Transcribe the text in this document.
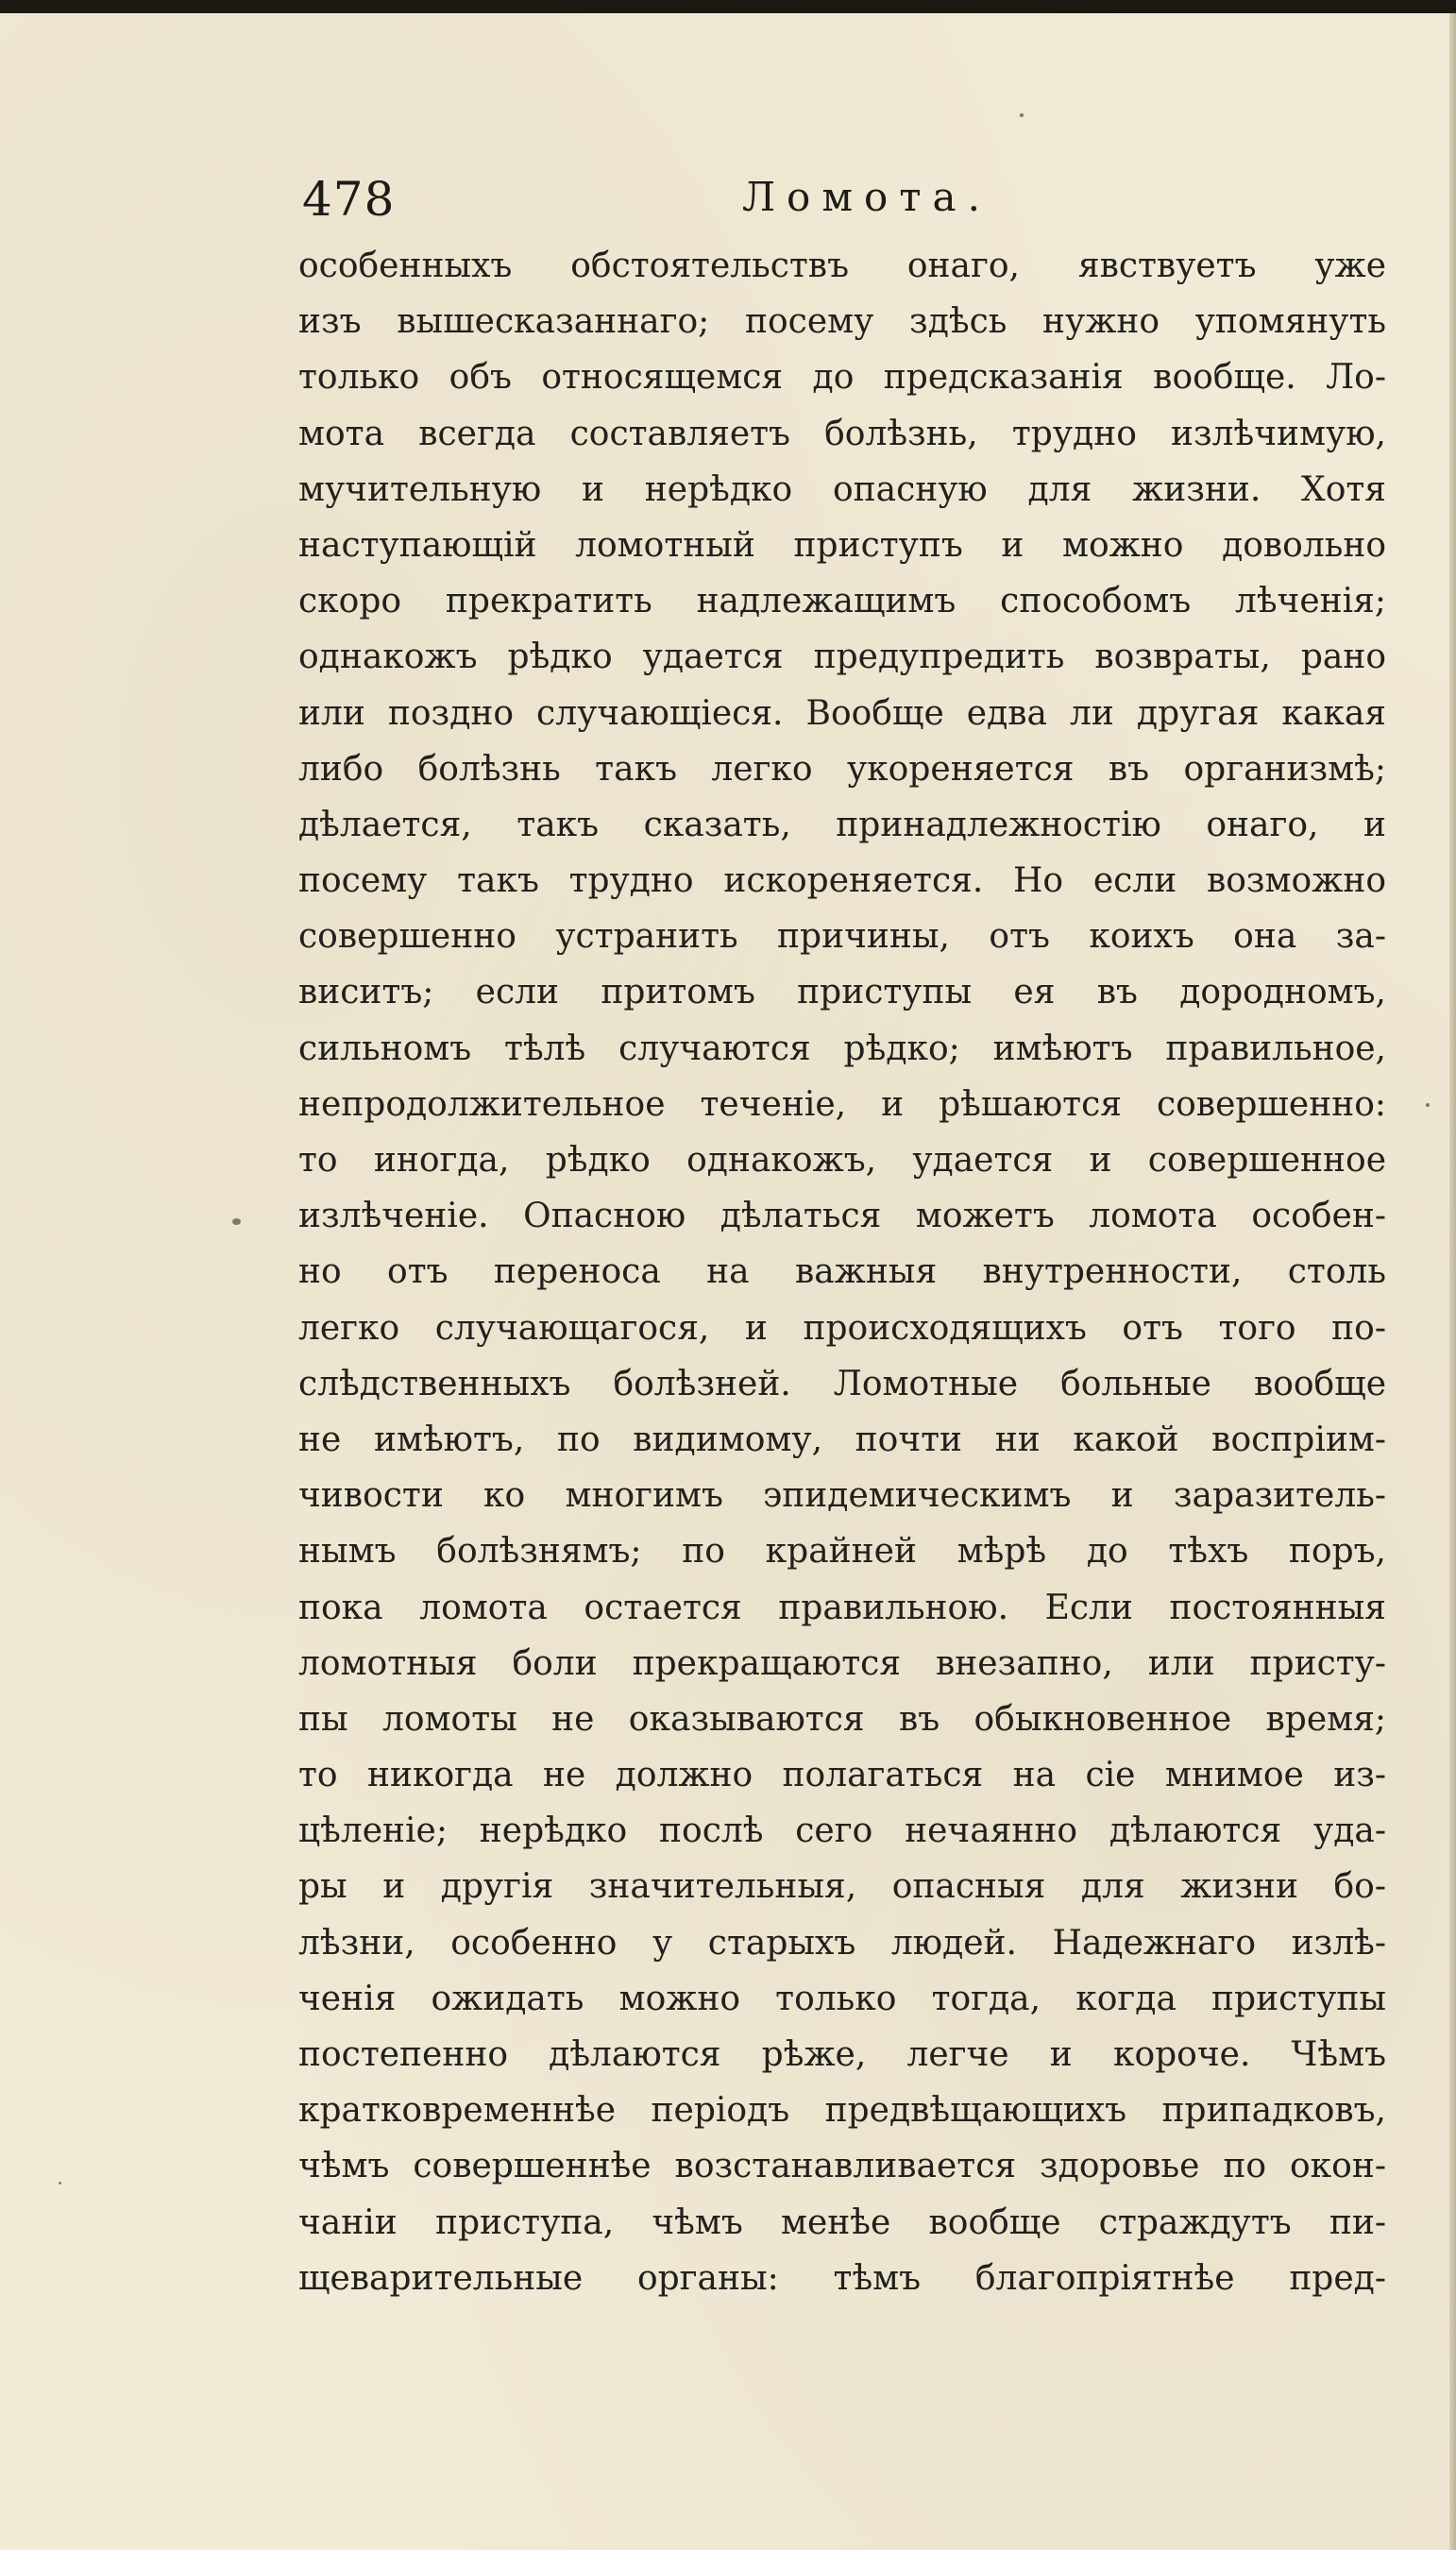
478	Ломота.
особенныхъ обстоятельствъ онаго, явствуетъ уже
изъ вышесказаннаго; посему здѣсь нужно упомянуть
только объ относящемся до предсказанія вообще. Ло-
мота всегда составляетъ болѣзнь, трудно излѣчимую,
мучительную и нерѣдко опасную для жизни. Хотя
наступающій ломотный приступъ и можно довольно
скоро прекратить надлежащимъ способомъ лѣченія;
однакожъ рѣдко удается предупредить возвраты, рано
или поздно случающіеся. Вообще едва ли другая какая
либо болѣзнь такъ легко укореняется въ организмѣ;
дѣлается, такъ сказать, принадлежностію онаго, и
посему такъ трудно искореняется. Но если возможно
совершенно устранить причины, отъ коихъ она за-
виситъ; если притомъ приступы ея въ дородномъ,
сильномъ тѣлѣ случаются рѣдко; имѣютъ правильное,
непродолжительное теченіе, и рѣшаются совершенно:
то иногда, рѣдко однакожъ, удается и совершенное
излѣченіе. Опасною дѣлаться можетъ ломота особен-
но отъ переноса на важныя внутренности, столь
легко случающагося, и происходящихъ отъ того по-
слѣдственныхъ болѣзней. Ломотные больные вообще
не имѣютъ, по видимому, почти ни какой воспріим-
чивости ко многимъ эпидемическимъ и заразитель-
нымъ болѣзнямъ; по крайней мѣрѣ до тѣхъ поръ,
пока ломота остается правильною. Если постоянныя
ломотныя боли прекращаются внезапно, или присту-
пы ломоты не оказываются въ обыкновенное время;
то никогда не должно полагаться на сіе мнимое из-
цѣленіе; нерѣдко послѣ сего нечаянно дѣлаются уда-
ры и другія значительныя, опасныя для жизни бо-
лѣзни, особенно у старыхъ людей. Надежнаго излѣ-
ченія ожидать можно только тогда, когда приступы
постепенно дѣлаются рѣже, легче и короче. Чѣмъ
кратковременнѣе періодъ предвѣщающихъ припадковъ,
чѣмъ совершеннѣе возстанавливается здоровье по окон-
чаніи приступа, чѣмъ менѣе вообще страждутъ пи-
щеварительные органы: тѣмъ благопріятнѣе пред-
